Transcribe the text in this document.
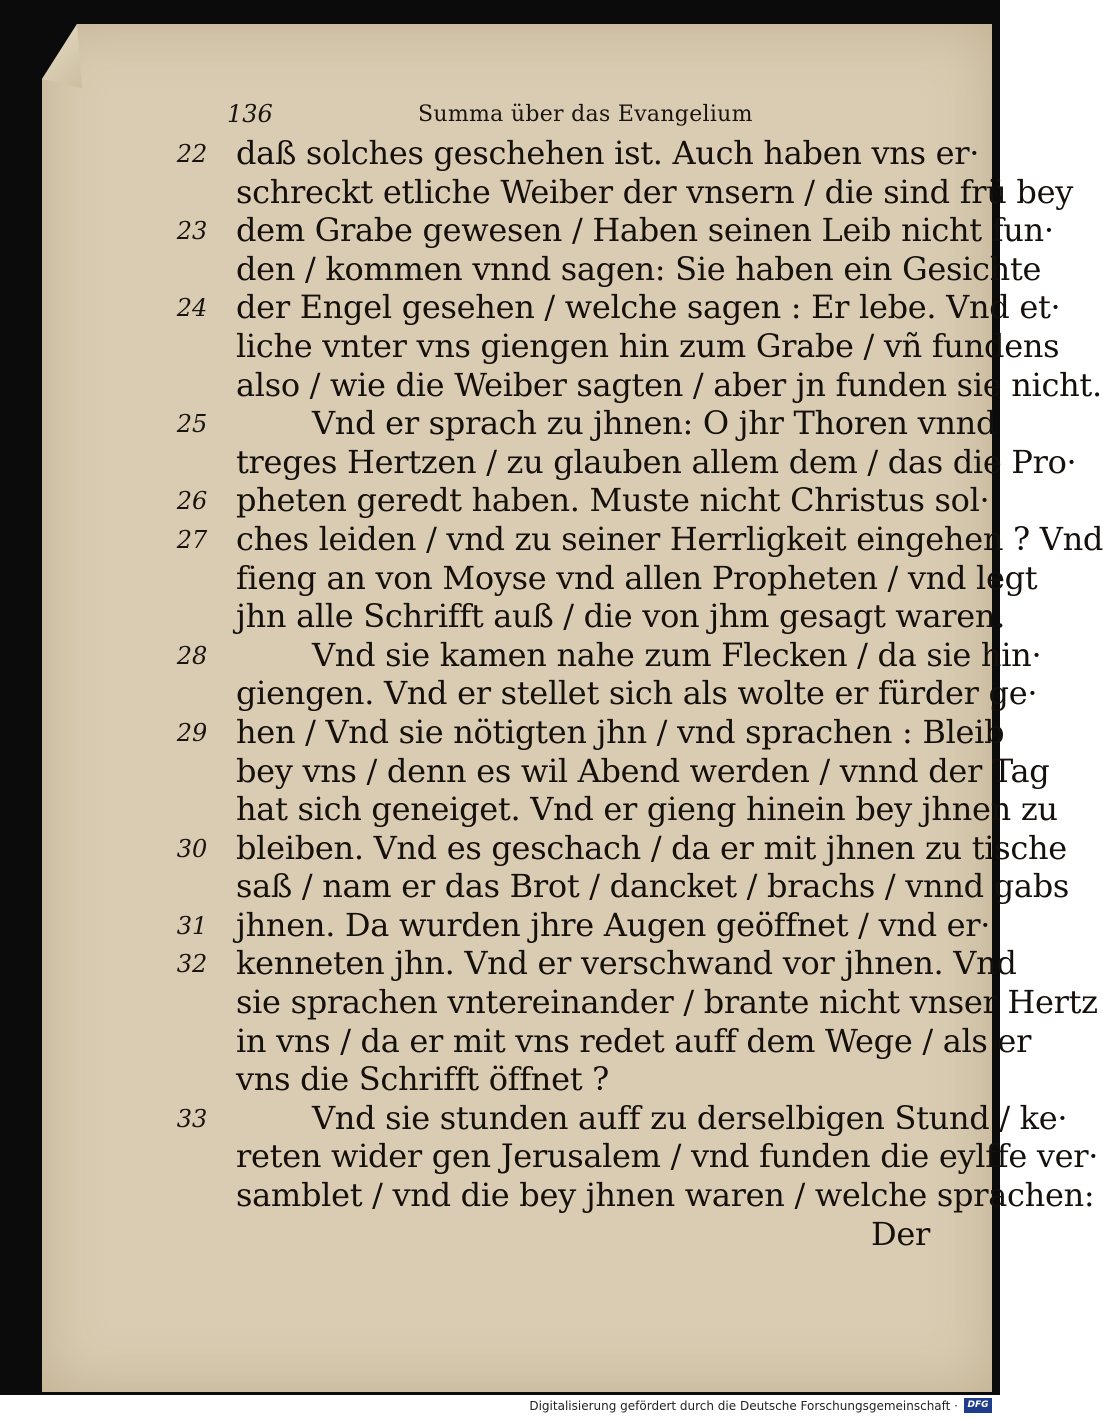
136	Summa über das Evangelium
22 daß solches geschehen ist. Auch haben vns er·
schreckt etliche Weiber der vnsern / die sind frü bey
23 dem Grabe gewesen / Haben seinen Leib nicht fun·
den / kommen vnnd sagen: Sie haben ein Gesichte
24 der Engel gesehen / welche sagen : Er lebe. Vnd et·
liche vnter vns giengen hin zum Grabe / vñ fundens
also / wie die Weiber sagten / aber jn funden sie nicht.
25	Vnd er sprach zu jhnen: O jhr Thoren vnnd
treges Hertzen / zu glauben allem dem / das die Pro·
26 pheten geredt haben. Muste nicht Christus sol·
27 ches leiden / vnd zu seiner Herrligkeit eingehen ? Vnd
fieng an von Moyse vnd allen Propheten / vnd legt
jhn alle Schrifft auß / die von jhm gesagt waren.
28	Vnd sie kamen nahe zum Flecken / da sie hin·
giengen. Vnd er stellet sich als wolte er fürder ge·
29 hen / Vnd sie nötigten jhn / vnd sprachen : Bleib
bey vns / denn es wil Abend werden / vnnd der Tag
hat sich geneiget. Vnd er gieng hinein bey jhnen zu
30 bleiben. Vnd es geschach / da er mit jhnen zu tische
saß / nam er das Brot / dancket / brachs / vnnd gabs
31 jhnen. Da wurden jhre Augen geöffnet / vnd er·
32 kenneten jhn. Vnd er verschwand vor jhnen. Vnd
sie sprachen vntereinander / brante nicht vnser Hertz
in vns / da er mit vns redet auff dem Wege / als er
vns die Schrifft öffnet ?
33	Vnd sie stunden auff zu derselbigen Stund / ke·
reten wider gen Jerusalem / vnd funden die eylffe ver·
samblet / vnd die bey jhnen waren / welche sprachen:
Der
Digitalisierung gefördert durch die Deutsche Forschungsgemeinschaft ·	DFG
